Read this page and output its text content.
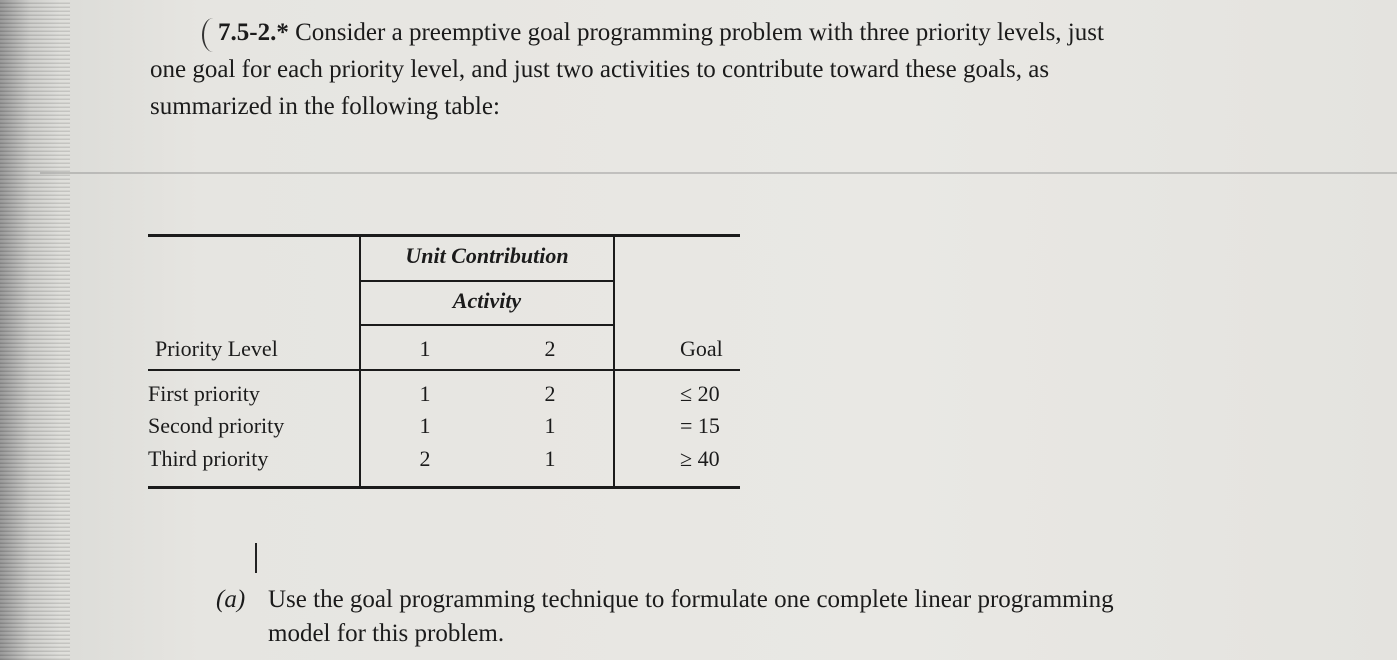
7.5-2.* Consider a preemptive goal programming problem with three priority levels, just
one goal for each priority level, and just two activities to contribute toward these goals, as
summarized in the following table:
Unit Contribution
Activity
Priority Level	1	2	Goal
First priority	1	2	≤ 20
Second priority	1	1	= 15
Third priority	2	1	≥ 40
(a) Use the goal programming technique to formulate one complete linear programming
model for this problem.
